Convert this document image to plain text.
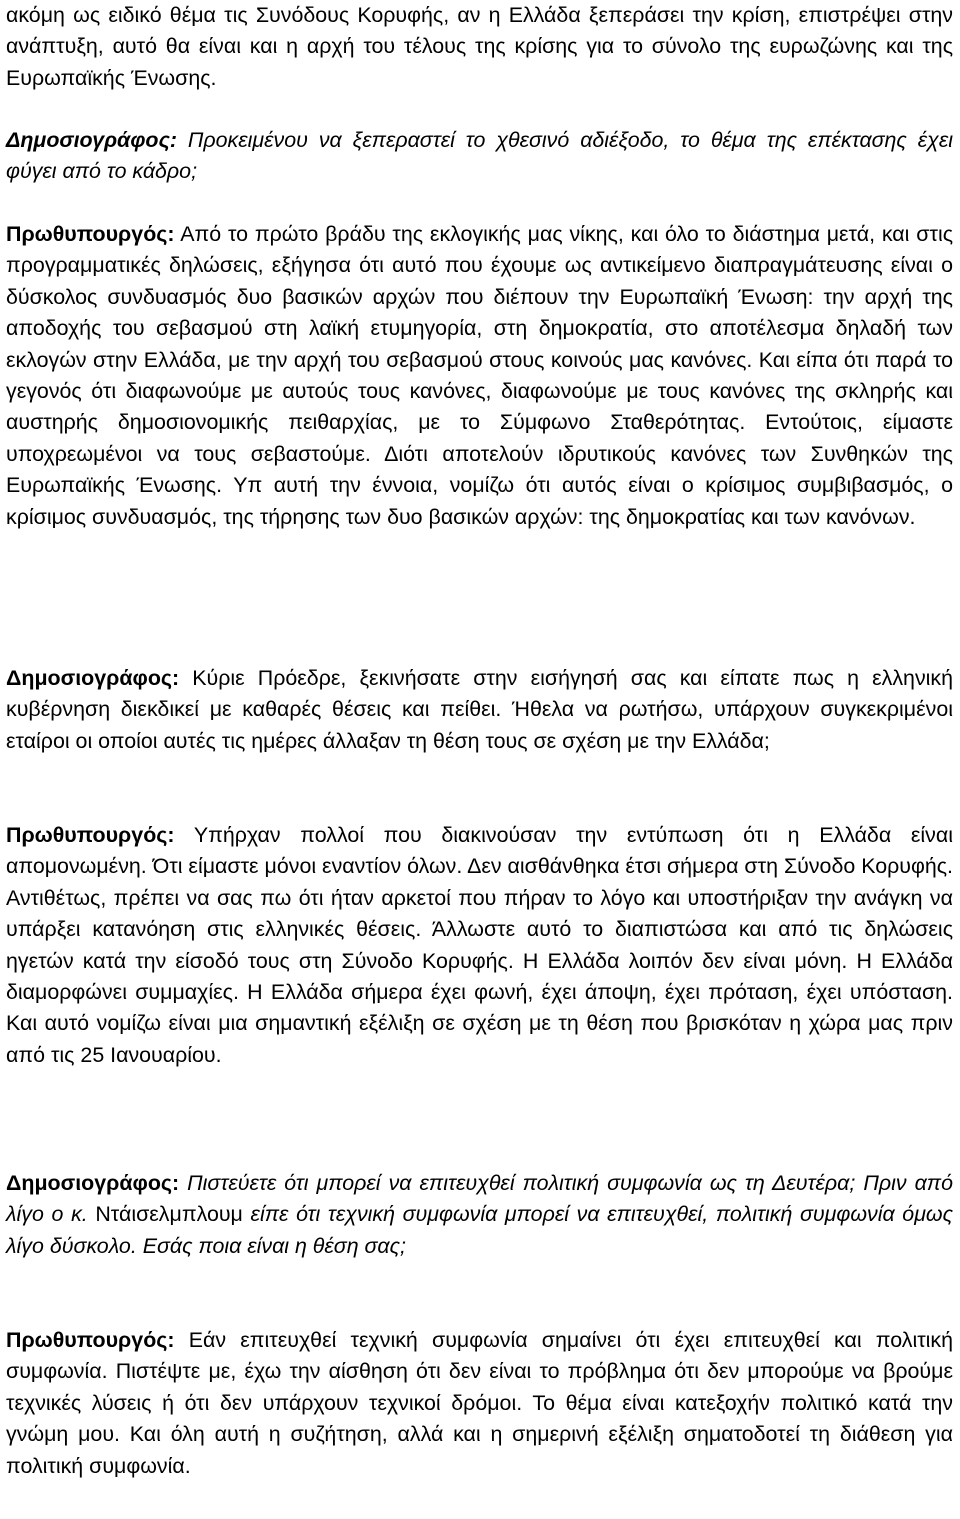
ακόμη ως ειδικό θέμα τις Συνόδους Κορυφής, αν η Ελλάδα ξεπεράσει την κρίση, επιστρέψει στην ανάπτυξη, αυτό θα είναι και η αρχή του τέλους της κρίσης για το σύνολο της ευρωζώνης και της Ευρωπαϊκής Ένωσης.

Δημοσιογράφος: Προκειμένου να ξεπεραστεί το χθεσινό αδιέξοδο, το θέμα της επέκτασης έχει φύγει από το κάδρο;

Πρωθυπουργός: Από το πρώτο βράδυ της εκλογικής μας νίκης, και όλο το διάστημα μετά, και στις προγραμματικές δηλώσεις, εξήγησα ότι αυτό που έχουμε ως αντικείμενο διαπραγμάτευσης είναι ο δύσκολος συνδυασμός δυο βασικών αρχών που διέπουν την Ευρωπαϊκή Ένωση: την αρχή της αποδοχής του σεβασμού στη λαϊκή ετυμηγορία, στη δημοκρατία, στο αποτέλεσμα δηλαδή των εκλογών στην Ελλάδα, με την αρχή του σεβασμού στους κοινούς μας κανόνες. Και είπα ότι παρά το γεγονός ότι διαφωνούμε με αυτούς τους κανόνες, διαφωνούμε με τους κανόνες της σκληρής και αυστηρής δημοσιονομικής πειθαρχίας, με το Σύμφωνο Σταθερότητας. Εντούτοις, είμαστε υποχρεωμένοι να τους σεβαστούμε. Διότι αποτελούν ιδρυτικούς κανόνες των Συνθηκών της Ευρωπαϊκής Ένωσης. Υπ αυτή την έννοια, νομίζω ότι αυτός είναι ο κρίσιμος συμβιβασμός, ο κρίσιμος συνδυασμός, της τήρησης των δυο βασικών αρχών: της δημοκρατίας και των κανόνων.

Δημοσιογράφος: Κύριε Πρόεδρε, ξεκινήσατε στην εισήγησή σας και είπατε πως η ελληνική κυβέρνηση διεκδικεί με καθαρές θέσεις και πείθει. Ήθελα να ρωτήσω, υπάρχουν συγκεκριμένοι εταίροι οι οποίοι αυτές τις ημέρες άλλαξαν τη θέση τους σε σχέση με την Ελλάδα;

Πρωθυπουργός: Υπήρχαν πολλοί που διακινούσαν την εντύπωση ότι η Ελλάδα είναι απομονωμένη. Ότι είμαστε μόνοι εναντίον όλων. Δεν αισθάνθηκα έτσι σήμερα στη Σύνοδο Κορυφής. Αντιθέτως, πρέπει να σας πω ότι ήταν αρκετοί που πήραν το λόγο και υποστήριξαν την ανάγκη να υπάρξει κατανόηση στις ελληνικές θέσεις. Άλλωστε αυτό το διαπιστώσα και από τις δηλώσεις ηγετών κατά την είσοδό τους στη Σύνοδο Κορυφής. Η Ελλάδα λοιπόν δεν είναι μόνη. Η Ελλάδα διαμορφώνει συμμαχίες. Η Ελλάδα σήμερα έχει φωνή, έχει άποψη, έχει πρόταση, έχει υπόσταση. Και αυτό νομίζω είναι μια σημαντική εξέλιξη σε σχέση με τη θέση που βρισκόταν η χώρα μας πριν από τις 25 Ιανουαρίου.

Δημοσιογράφος: Πιστεύετε ότι μπορεί να επιτευχθεί πολιτική συμφωνία ως τη Δευτέρα; Πριν από λίγο ο κ. Ντάισελμπλουμ είπε ότι τεχνική συμφωνία μπορεί να επιτευχθεί, πολιτική συμφωνία όμως λίγο δύσκολο. Εσάς ποια είναι η θέση σας;

Πρωθυπουργός: Εάν επιτευχθεί τεχνική συμφωνία σημαίνει ότι έχει επιτευχθεί και πολιτική συμφωνία. Πιστέψτε με, έχω την αίσθηση ότι δεν είναι το πρόβλημα ότι δεν μπορούμε να βρούμε τεχνικές λύσεις ή ότι δεν υπάρχουν τεχνικοί δρόμοι. Το θέμα είναι κατεξοχήν πολιτικό κατά την γνώμη μου. Και όλη αυτή η συζήτηση, αλλά και η σημερινή εξέλιξη σηματοδοτεί τη διάθεση για πολιτική συμφωνία.
